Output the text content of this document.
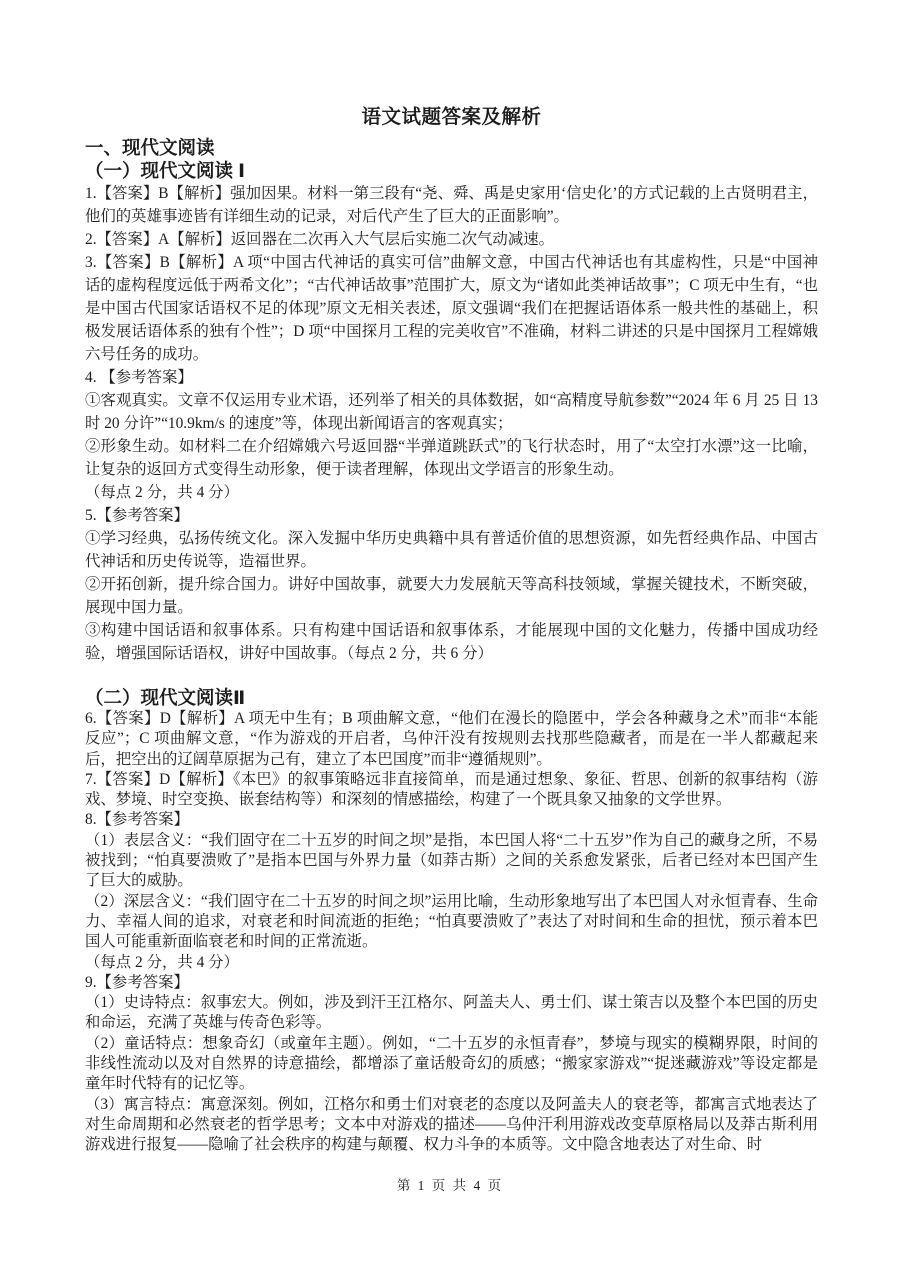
语文试题答案及解析
一、现代文阅读
（一）现代文阅读 Ⅰ

1.【答案】B【解析】强加因果。材料一第三段有“尧、舜、禹是史家用‘信史化’的方式记载的上古贤明君主，他们的英雄事迹皆有详细生动的记录，对后代产生了巨大的正面影响”。

2.【答案】A【解析】返回器在二次再入大气层后实施二次气动减速。

3.【答案】B【解析】A 项“中国古代神话的真实可信”曲解文意，中国古代神话也有其虚构性，只是“中国神话的虚构程度远低于两希文化”；“古代神话故事”范围扩大，原文为“诸如此类神话故事”；C 项无中生有，“也是中国古代国家话语权不足的体现”原文无相关表述，原文强调“我们在把握话语体系一般共性的基础上，积极发展话语体系的独有个性”；D 项“中国探月工程的完美收官”不准确，材料二讲述的只是中国探月工程嫦娥六号任务的成功。

4. 【参考答案】

①客观真实。文章不仅运用专业术语，还列举了相关的具体数据，如“高精度导航参数”“2024 年 6 月 25 日 13 时 20 分许”“10.9km/s 的速度”等，体现出新闻语言的客观真实；

②形象生动。如材料二在介绍嫦娥六号返回器“半弹道跳跃式”的飞行状态时，用了“太空打水漂”这一比喻，让复杂的返回方式变得生动形象，便于读者理解，体现出文学语言的形象生动。

（每点 2 分，共 4 分）

5.【参考答案】

①学习经典，弘扬传统文化。深入发掘中华历史典籍中具有普适价值的思想资源，如先哲经典作品、中国古代神话和历史传说等，造福世界。

②开拓创新，提升综合国力。讲好中国故事，就要大力发展航天等高科技领域，掌握关键技术，不断突破，展现中国力量。

③构建中国话语和叙事体系。只有构建中国话语和叙事体系，才能展现中国的文化魅力，传播中国成功经验，增强国际话语权，讲好中国故事。（每点 2 分，共 6 分）

（二）现代文阅读Ⅱ

6.【答案】D【解析】A 项无中生有；B 项曲解文意，“他们在漫长的隐匿中，学会各种藏身之术”而非“本能反应”；C 项曲解文意，“作为游戏的开启者，乌仲汗没有按规则去找那些隐藏者，而是在一半人都藏起来后，把空出的辽阔草原据为己有，建立了本巴国度”而非“遵循规则”。

7.【答案】D【解析】《本巴》的叙事策略远非直接简单，而是通过想象、象征、哲思、创新的叙事结构（游戏、梦境、时空变换、嵌套结构等）和深刻的情感描绘，构建了一个既具象又抽象的文学世界。

8.【参考答案】

（1）表层含义：“我们固守在二十五岁的时间之坝”是指，本巴国人将“二十五岁”作为自己的藏身之所，不易被找到；“怕真要溃败了”是指本巴国与外界力量（如莽古斯）之间的关系愈发紧张，后者已经对本巴国产生了巨大的威胁。

（2）深层含义：“我们固守在二十五岁的时间之坝”运用比喻，生动形象地写出了本巴国人对永恒青春、生命力、幸福人间的追求，对衰老和时间流逝的拒绝；“怕真要溃败了”表达了对时间和生命的担忧，预示着本巴国人可能重新面临衰老和时间的正常流逝。

（每点 2 分，共 4 分）

9.【参考答案】

（1）史诗特点：叙事宏大。例如，涉及到汗王江格尔、阿盖夫人、勇士们、谋士策吉以及整个本巴国的历史和命运，充满了英雄与传奇色彩等。

（2）童话特点：想象奇幻（或童年主题）。例如，“二十五岁的永恒青春”，梦境与现实的模糊界限，时间的非线性流动以及对自然界的诗意描绘，都增添了童话般奇幻的质感；“搬家家游戏”“捉迷藏游戏”等设定都是童年时代特有的记忆等。

（3）寓言特点：寓意深刻。例如，江格尔和勇士们对衰老的态度以及阿盖夫人的衰老等，都寓言式地表达了对生命周期和必然衰老的哲学思考；文本中对游戏的描述——乌仲汗利用游戏改变草原格局以及莽古斯利用游戏进行报复——隐喻了社会秩序的构建与颠覆、权力斗争的本质等。文中隐含地表达了对生命、时

第 1 页 共 4 页
